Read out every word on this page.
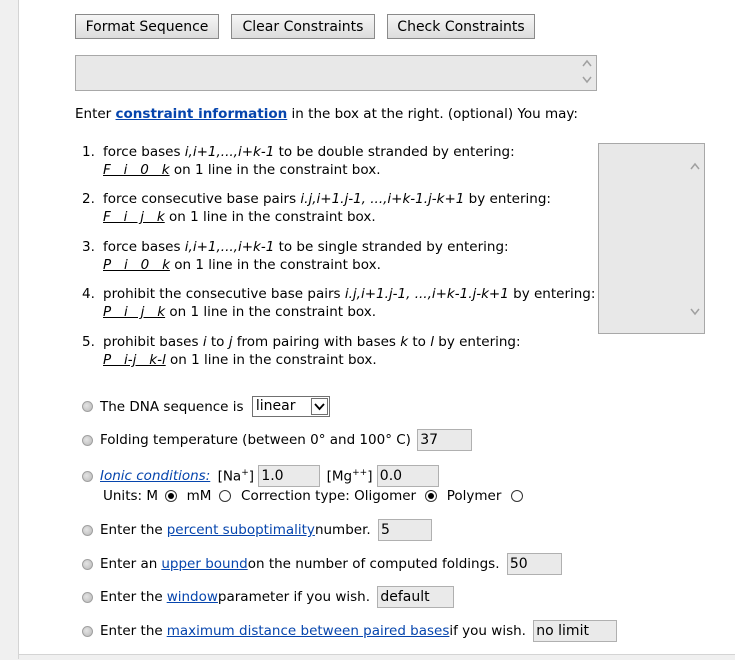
Format Sequence	Clear Constraints	Check Constraints
Enter constraint information in the box at the right. (optional) You may:
1. force bases i,i+1,...,i+k-1 to be double stranded by entering:
F   i   0   k on 1 line in the constraint box.
2. force consecutive base pairs i.j,i+1.j-1, ...,i+k-1.j-k+1 by entering:
F   i   j   k on 1 line in the constraint box.
3. force bases i,i+1,...,i+k-1 to be single stranded by entering:
P   i   0   k on 1 line in the constraint box.
4. prohibit the consecutive base pairs i.j,i+1.j-1, ...,i+k-1.j-k+1 by entering:
P   i   j   k on 1 line in the constraint box.
5. prohibit bases i to j from pairing with bases k to l by entering:
P   i-j   k-l on 1 line in the constraint box.
The DNA sequence is linear
Folding temperature (between 0° and 100° C) 37
Ionic conditions: [Na+] 1.0	[Mg++] 0.0
Units: M mM Correction type: Oligomer Polymer
Enter thepercent suboptimalitynumber. 5
Enter anupper boundon the number of computed foldings. 50
Enter thewindowparameter if you wish. default
Enter themaximum distance between paired basesif you wish. no limit
